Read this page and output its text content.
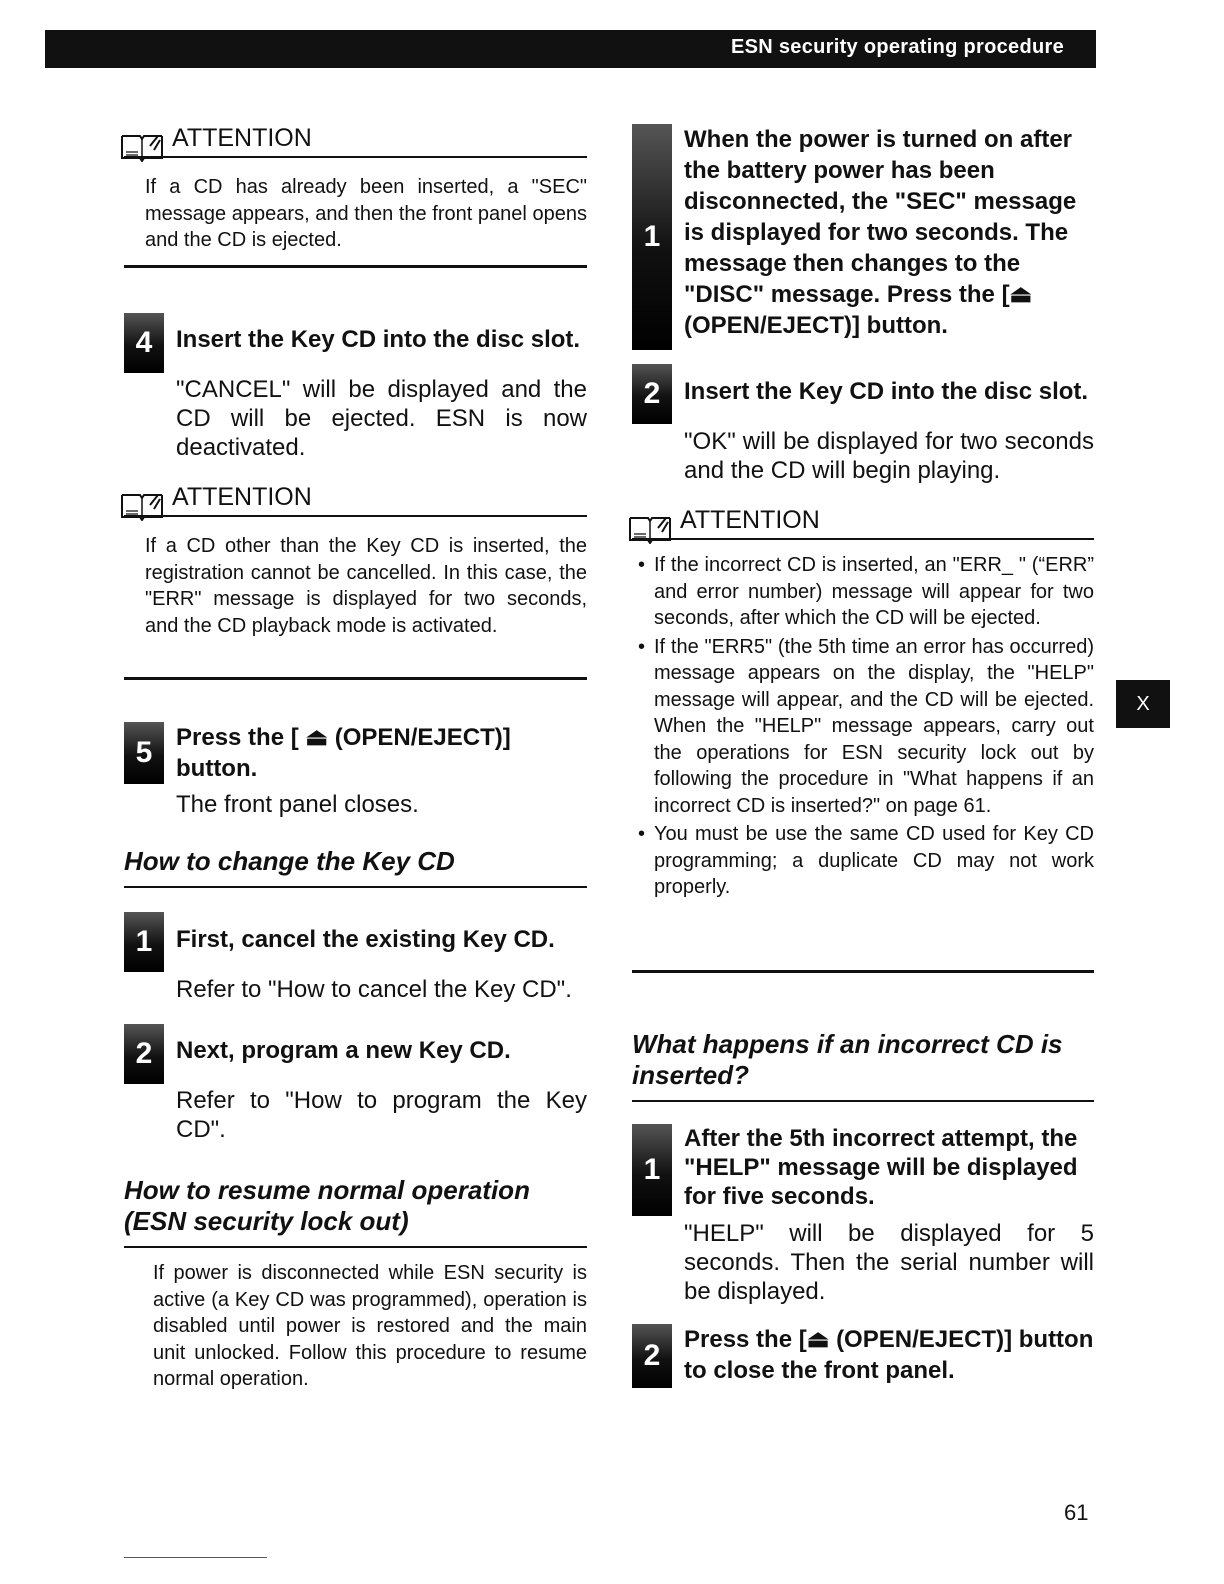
ESN security operating procedure
ATTENTION
If a CD has already been inserted, a "SEC" message appears, and then the front panel opens and the CD is ejected.
4 Insert the Key CD into the disc slot.
"CANCEL" will be displayed and the CD will be ejected. ESN is now deactivated.
ATTENTION
If a CD other than the Key CD is inserted, the registration cannot be cancelled. In this case, the "ERR" message is displayed for two seconds, and the CD playback mode is activated.
5 Press the [ ⏏ (OPEN/EJECT)] button.
The front panel closes.
How to change the Key CD
1 First, cancel the existing Key CD.
Refer to "How to cancel the Key CD".
2 Next, program a new Key CD.
Refer to "How to program the Key CD".
How to resume normal operation (ESN security lock out)
If power is disconnected while ESN security is active (a Key CD was programmed), operation is disabled until power is restored and the main unit unlocked. Follow this procedure to resume normal operation.
1
When the power is turned on after the battery power has been disconnected, the "SEC" message is displayed for two seconds. The message then changes to the "DISC" message. Press the [⏏ (OPEN/EJECT)] button.
2 Insert the Key CD into the disc slot.
"OK" will be displayed for two seconds and the CD will begin playing.
ATTENTION
• If the incorrect CD is inserted, an "ERR_ " (“ERR” and error number) message will appear for two seconds, after which the CD will be ejected.
• If the "ERR5" (the 5th time an error has occurred) message appears on the display, the "HELP" message will appear, and the CD will be ejected. When the "HELP" message appears, carry out the operations for ESN security lock out by following the procedure in "What happens if an incorrect CD is inserted?" on page 61.
• You must be use the same CD used for Key CD programming; a duplicate CD may not work properly.
What happens if an incorrect CD is inserted?
1
After the 5th incorrect attempt, the "HELP" message will be displayed for five seconds.
"HELP" will be displayed for 5 seconds. Then the serial number will be displayed.
2 Press the [⏏ (OPEN/EJECT)] button to close the front panel.
X
61
